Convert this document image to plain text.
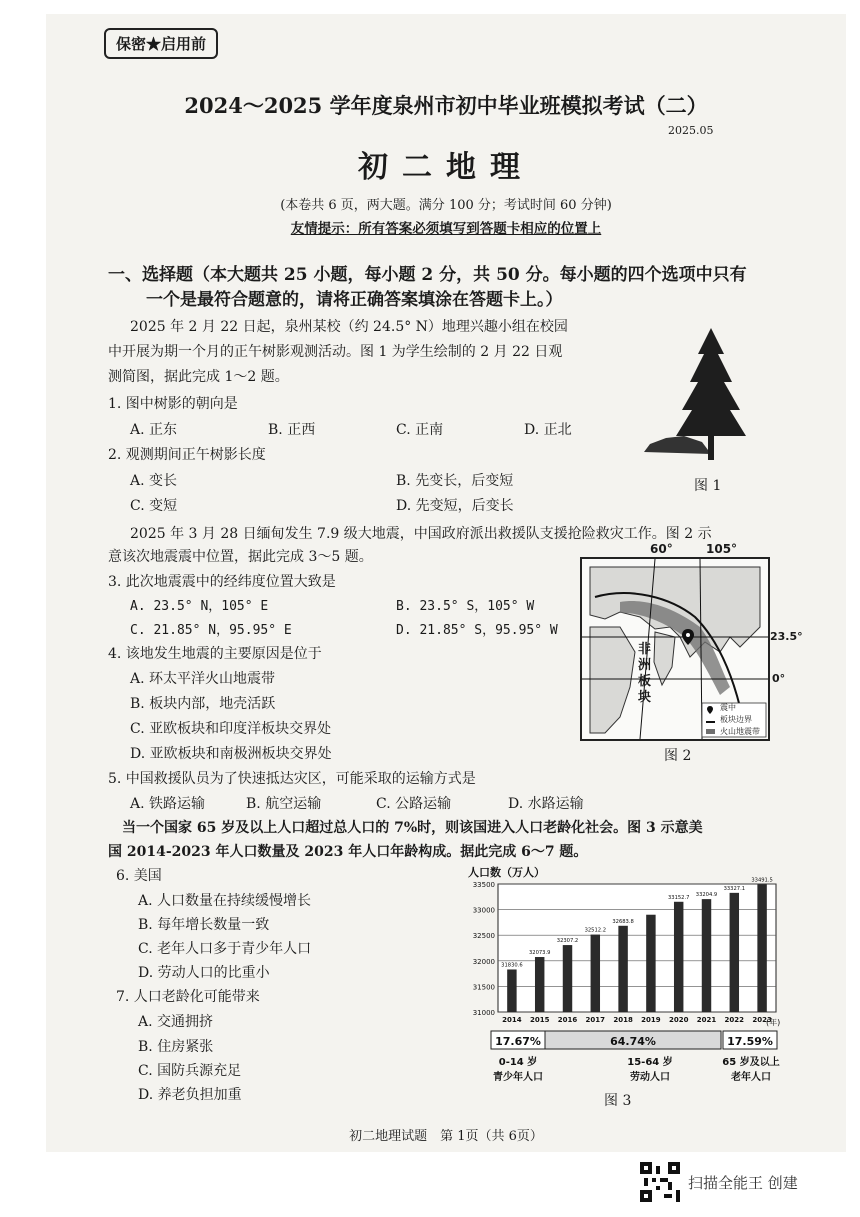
保密★启用前
2024～2025 学年度泉州市初中毕业班模拟考试（二）
2025.05
初二地理
(本卷共 6 页，两大题。满分 100 分；考试时间 60 分钟)
友情提示：所有答案必须填写到答题卡相应的位置上
一、选择题（本大题共 25 小题，每小题 2 分，共 50 分。每小题的四个选项中只有
一个是最符合题意的，请将正确答案填涂在答题卡上。）
2025 年 2 月 22 日起，泉州某校（约 24.5° N）地理兴趣小组在校园
中开展为期一个月的正午树影观测活动。图 1 为学生绘制的 2 月 22 日观
测简图，据此完成 1～2 题。
1. 图中树影的朝向是
A. 正东	B. 正西	C. 正南	D. 正北
2. 观测期间正午树影长度
A. 变长	B. 先变长，后变短
C. 变短	D. 先变短，后变长
图 1
2025 年 3 月 28 日缅甸发生 7.9 级大地震，中国政府派出救援队支援抢险救灾工作。图 2 示
意该次地震震中位置，据此完成 3～5 题。
3. 此次地震震中的经纬度位置大致是
A. 23.5° N，105° E	B. 23.5° S，105° W
C. 21.85° N，95.95° E	D. 21.85° S，95.95° W
4. 该地发生地震的主要原因是位于
A. 环太平洋火山地震带
B. 板块内部，地壳活跃
C. 亚欧板块和印度洋板块交界处
D. 亚欧板块和南极洲板块交界处
5. 中国救援队员为了快速抵达灾区，可能采取的运输方式是
A. 铁路运输	B. 航空运输	C. 公路运输	D. 水路运输
60°	105°
非洲板块
23.5°
0°
震中
板块边界
火山地震带
图 2
当一个国家 65 岁及以上人口超过总人口的 7%时，则该国进入人口老龄化社会。图 3 示意美
国 2014-2023 年人口数量及 2023 年人口年龄构成。据此完成 6～7 题。
6. 美国
A. 人口数量在持续缓慢增长
B. 每年增长数量一致
C. 老年人口多于青少年人口
D. 劳动人口的比重小
7. 人口老龄化可能带来
A. 交通拥挤
B. 住房紧张
C. 国防兵源充足
D. 养老负担加重
人口数（万人）
31000
31500
32000
32500
33000
33500
31830.6
2014
32073.9
2015
32307.2
2016
32512.2
2017
32683.8
2018 2019
33152.7
2020
33204.9
2021
33327.1
2022
33491.5
2023
(年)
17.67%	64.74%	17.59%
0-14 岁
青少年人口
15-64 岁
劳动人口
65 岁及以上
老年人口
图 3
初二地理试题　第 1页（共 6页）
扫描全能王 创建
